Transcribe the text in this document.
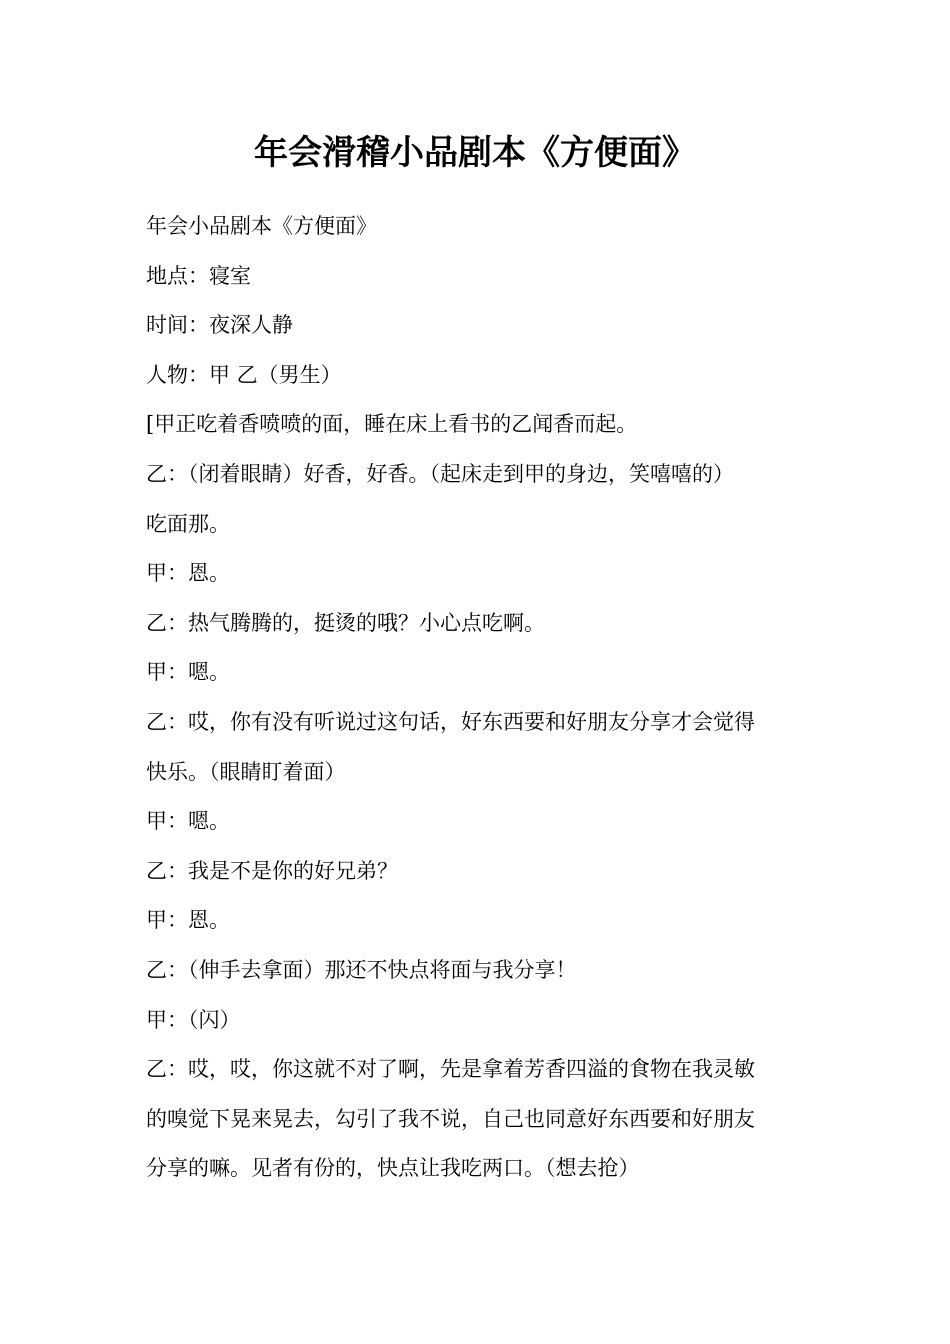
年会滑稽小品剧本《方便面》

年会小品剧本《方便面》

地点：寝室

时间：夜深人静

人物：甲 乙（男生）

[甲正吃着香喷喷的面，睡在床上看书的乙闻香而起。

乙：（闭着眼睛）好香，好香。（起床走到甲的身边，笑嘻嘻的）

吃面那。

甲：恩。

乙：热气腾腾的，挺烫的哦？小心点吃啊。

甲：嗯。

乙：哎，你有没有听说过这句话，好东西要和好朋友分享才会觉得

快乐。（眼睛盯着面）

甲：嗯。

乙：我是不是你的好兄弟？

甲：恩。

乙：（伸手去拿面）那还不快点将面与我分享！

甲：（闪）

乙：哎，哎，你这就不对了啊，先是拿着芳香四溢的食物在我灵敏

的嗅觉下晃来晃去，勾引了我不说，自己也同意好东西要和好朋友

分享的嘛。见者有份的，快点让我吃两口。（想去抢）
